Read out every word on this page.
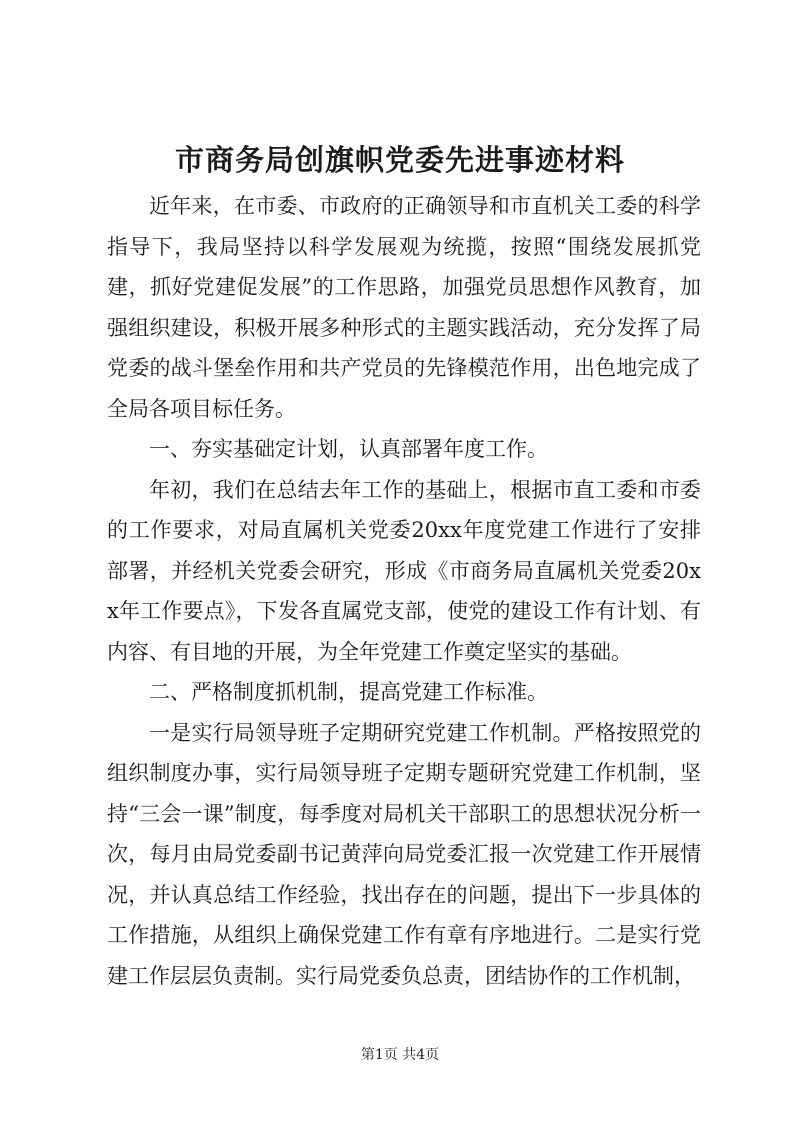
市商务局创旗帜党委先进事迹材料

近年来，在市委、市政府的正确领导和市直机关工委的科学指导下，我局坚持以科学发展观为统揽，按照“围绕发展抓党建，抓好党建促发展”的工作思路，加强党员思想作风教育，加强组织建设，积极开展多种形式的主题实践活动，充分发挥了局党委的战斗堡垒作用和共产党员的先锋模范作用，出色地完成了全局各项目标任务。

一、夯实基础定计划，认真部署年度工作。

年初，我们在总结去年工作的基础上，根据市直工委和市委的工作要求，对局直属机关党委20xx年度党建工作进行了安排部署，并经机关党委会研究，形成《市商务局直属机关党委20xx年工作要点》，下发各直属党支部，使党的建设工作有计划、有内容、有目地的开展，为全年党建工作奠定坚实的基础。

二、严格制度抓机制，提高党建工作标准。

一是实行局领导班子定期研究党建工作机制。严格按照党的组织制度办事，实行局领导班子定期专题研究党建工作机制，坚持“三会一课”制度，每季度对局机关干部职工的思想状况分析一次，每月由局党委副书记黄萍向局党委汇报一次党建工作开展情况，并认真总结工作经验，找出存在的问题，提出下一步具体的工作措施，从组织上确保党建工作有章有序地进行。二是实行党建工作层层负责制。实行局党委负总责，团结协作的工作机制，

第1页 共4页
